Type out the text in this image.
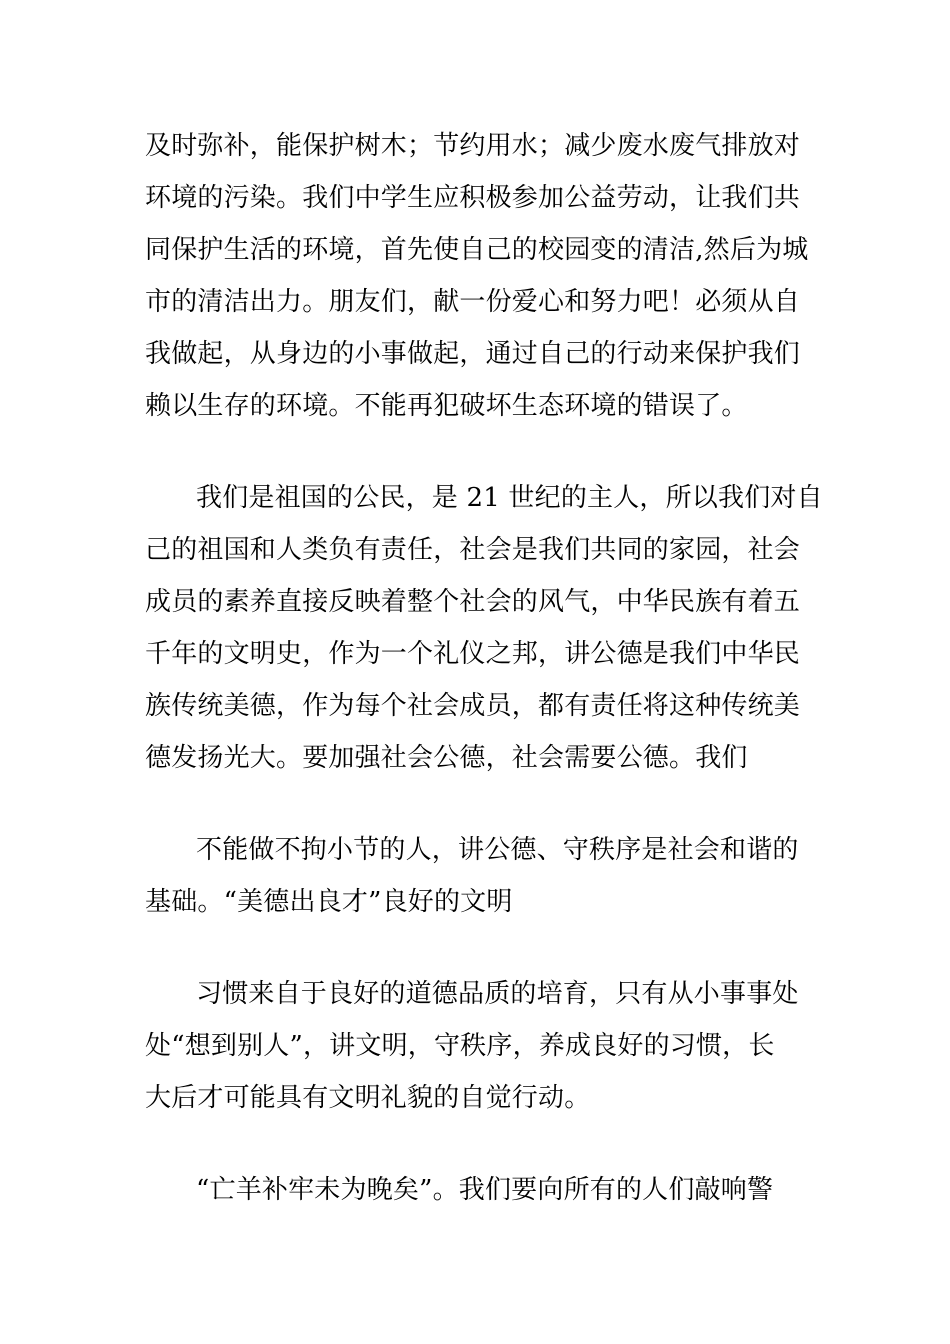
及时弥补，能保护树木；节约用水；减少废水废气排放对
环境的污染。我们中学生应积极参加公益劳动，让我们共
同保护生活的环境，首先使自己的校园变的清洁,然后为城
市的清洁出力。朋友们，献一份爱心和努力吧！必须从自
我做起，从身边的小事做起，通过自己的行动来保护我们
赖以生存的环境。不能再犯破坏生态环境的错误了。
我们是祖国的公民，是 21 世纪的主人，所以我们对自
己的祖国和人类负有责任，社会是我们共同的家园，社会
成员的素养直接反映着整个社会的风气，中华民族有着五
千年的文明史，作为一个礼仪之邦，讲公德是我们中华民
族传统美德，作为每个社会成员，都有责任将这种传统美
德发扬光大。要加强社会公德，社会需要公德。我们
不能做不拘小节的人，讲公德、守秩序是社会和谐的
基础。“美德出良才”良好的文明
习惯来自于良好的道德品质的培育，只有从小事事处
处“想到别人”，讲文明，守秩序，养成良好的习惯，长
大后才可能具有文明礼貌的自觉行动。
“亡羊补牢未为晚矣”。我们要向所有的人们敲响警
